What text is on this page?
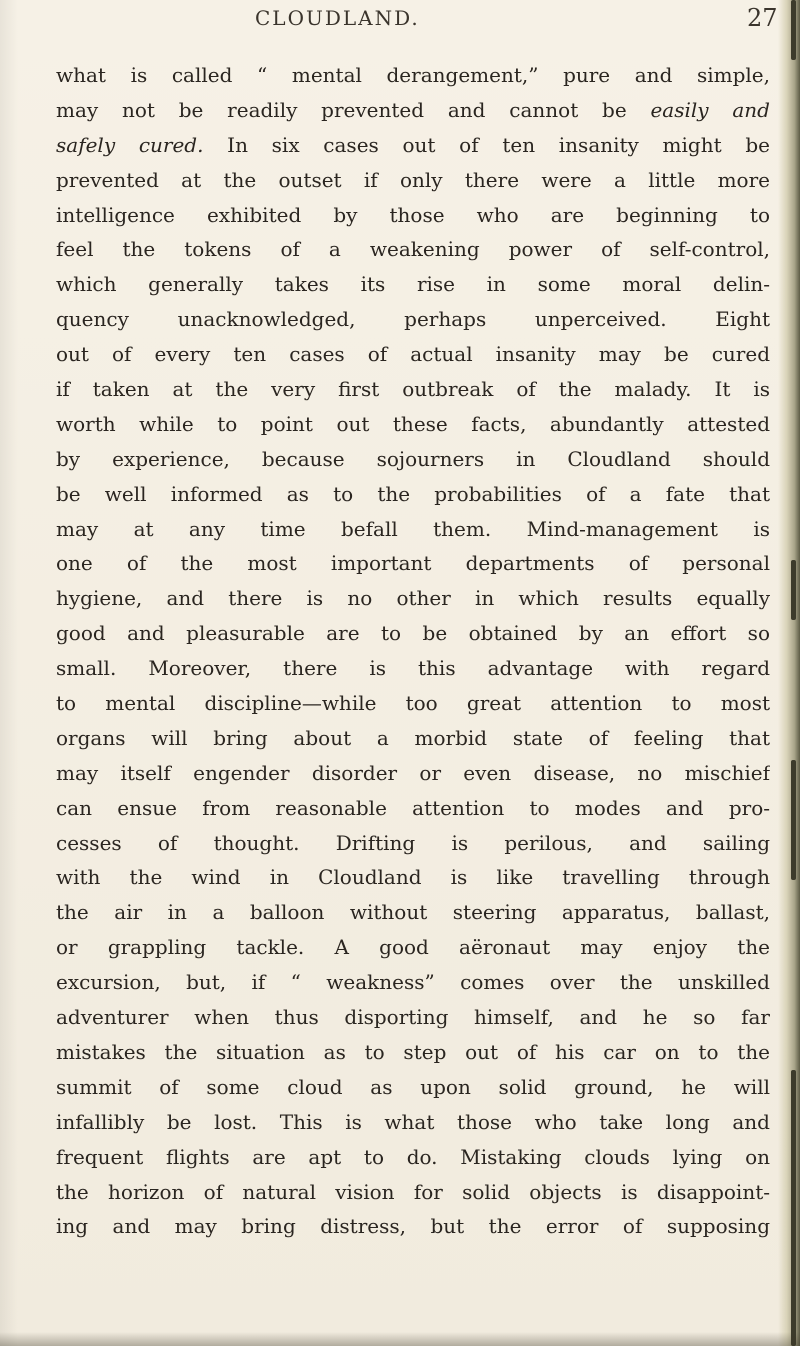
CLOUDLAND.	27
what is called “ mental derangement,” pure and simple,
may not be readily prevented and cannot be easily and
safely cured. In six cases out of ten insanity might be
prevented at the outset if only there were a little more
intelligence exhibited by those who are beginning to
feel the tokens of a weakening power of self-control,
which generally takes its rise in some moral delin-
quency unacknowledged, perhaps unperceived. Eight
out of every ten cases of actual insanity may be cured
if taken at the very first outbreak of the malady. It is
worth while to point out these facts, abundantly attested
by experience, because sojourners in Cloudland should
be well informed as to the probabilities of a fate that
may at any time befall them. Mind-management is
one of the most important departments of personal
hygiene, and there is no other in which results equally
good and pleasurable are to be obtained by an effort so
small. Moreover, there is this advantage with regard
to mental discipline—while too great attention to most
organs will bring about a morbid state of feeling that
may itself engender disorder or even disease, no mischief
can ensue from reasonable attention to modes and pro-
cesses of thought. Drifting is perilous, and sailing
with the wind in Cloudland is like travelling through
the air in a balloon without steering apparatus, ballast,
or grappling tackle. A good aëronaut may enjoy the
excursion, but, if “ weakness” comes over the unskilled
adventurer when thus disporting himself, and he so far
mistakes the situation as to step out of his car on to the
summit of some cloud as upon solid ground, he will
infallibly be lost. This is what those who take long and
frequent flights are apt to do. Mistaking clouds lying on
the horizon of natural vision for solid objects is disappoint-
ing and may bring distress, but the error of supposing
